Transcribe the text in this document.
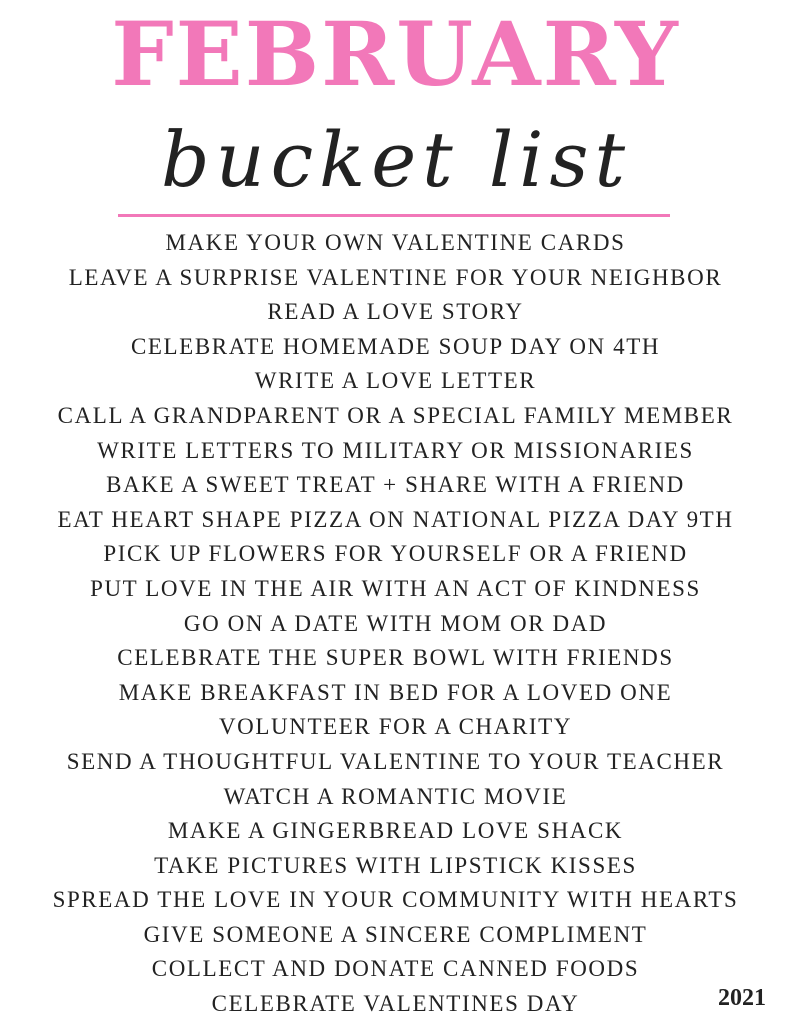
FEBRUARY
bucket list
MAKE YOUR OWN VALENTINE CARDS
LEAVE A SURPRISE VALENTINE FOR YOUR NEIGHBOR
READ A LOVE STORY
CELEBRATE HOMEMADE SOUP DAY ON 4TH
WRITE A LOVE LETTER
CALL A GRANDPARENT OR A SPECIAL FAMILY MEMBER
WRITE LETTERS TO MILITARY OR MISSIONARIES
BAKE A SWEET TREAT + SHARE WITH A FRIEND
EAT HEART SHAPE PIZZA ON NATIONAL PIZZA DAY 9TH
PICK UP FLOWERS FOR YOURSELF OR A FRIEND
PUT LOVE IN THE AIR WITH AN ACT OF KINDNESS
GO ON A DATE WITH MOM OR DAD
CELEBRATE THE SUPER BOWL WITH FRIENDS
MAKE BREAKFAST IN BED FOR A LOVED ONE
VOLUNTEER FOR A CHARITY
SEND A THOUGHTFUL VALENTINE TO YOUR TEACHER
WATCH A ROMANTIC MOVIE
MAKE A GINGERBREAD LOVE SHACK
TAKE PICTURES WITH LIPSTICK KISSES
SPREAD THE LOVE IN YOUR COMMUNITY WITH HEARTS
GIVE SOMEONE A SINCERE COMPLIMENT
COLLECT AND DONATE CANNED FOODS
CELEBRATE VALENTINES DAY	2021
